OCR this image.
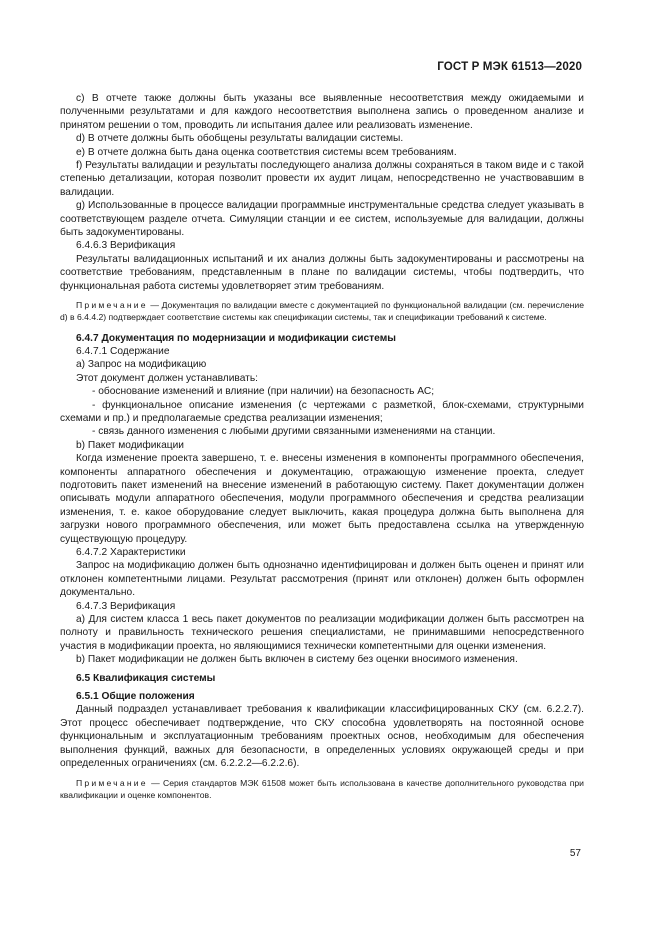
ГОСТ Р МЭК 61513—2020

c) В отчете также должны быть указаны все выявленные несоответствия между ожидаемыми и полученными результатами и для каждого несоответствия выполнена запись о проведенном анализе и принятом решении о том, проводить ли испытания далее или реализовать изменение.

d) В отчете должны быть обобщены результаты валидации системы.

e) В отчете должна быть дана оценка соответствия системы всем требованиям.

f) Результаты валидации и результаты последующего анализа должны сохраняться в таком виде и с такой степенью детализации, которая позволит провести их аудит лицам, непосредственно не участвовавшим в валидации.

g) Использованные в процессе валидации программные инструментальные средства следует указывать в соответствующем разделе отчета. Симуляции станции и ее систем, используемые для валидации, должны быть задокументированы.

6.4.6.3 Верификация

Результаты валидационных испытаний и их анализ должны быть задокументированы и рассмотрены на соответствие требованиям, представленным в плане по валидации системы, чтобы подтвердить, что функциональная работа системы удовлетворяет этим требованиям.

Примечание — Документация по валидации вместе с документацией по функциональной валидации (см. перечисление d) в 6.4.4.2) подтверждает соответствие системы как спецификации системы, так и спецификации требований к системе.

6.4.7 Документация по модернизации и модификации системы

6.4.7.1 Содержание

a) Запрос на модификацию

Этот документ должен устанавливать:

- обоснование изменений и влияние (при наличии) на безопасность АС;

- функциональное описание изменения (с чертежами с разметкой, блок-схемами, структурными схемами и пр.) и предполагаемые средства реализации изменения;

- связь данного изменения с любыми другими связанными изменениями на станции.

b) Пакет модификации

Когда изменение проекта завершено, т. е. внесены изменения в компоненты программного обеспечения, компоненты аппаратного обеспечения и документацию, отражающую изменение проекта, следует подготовить пакет изменений на внесение изменений в работающую систему. Пакет документации должен описывать модули аппаратного обеспечения, модули программного обеспечения и средства реализации изменения, т. е. какое оборудование следует выключить, какая процедура должна быть выполнена для загрузки нового программного обеспечения, или может быть предоставлена ссылка на утвержденную существующую процедуру.

6.4.7.2 Характеристики

Запрос на модификацию должен быть однозначно идентифицирован и должен быть оценен и принят или отклонен компетентными лицами. Результат рассмотрения (принят или отклонен) должен быть оформлен документально.

6.4.7.3 Верификация

a) Для систем класса 1 весь пакет документов по реализации модификации должен быть рассмотрен на полноту и правильность технического решения специалистами, не принимавшими непосредственного участия в модификации проекта, но являющимися технически компетентными для оценки изменения.

b) Пакет модификации не должен быть включен в систему без оценки вносимого изменения.

6.5 Квалификация системы

6.5.1 Общие положения

Данный подраздел устанавливает требования к квалификации классифицированных СКУ (см. 6.2.2.7). Этот процесс обеспечивает подтверждение, что СКУ способна удовлетворять на постоянной основе функциональным и эксплуатационным требованиям проектных основ, необходимым для обеспечения выполнения функций, важных для безопасности, в определенных условиях окружающей среды и при определенных ограничениях (см. 6.2.2.2—6.2.2.6).

Примечание — Серия стандартов МЭК 61508 может быть использована в качестве дополнительного руководства при квалификации и оценке компонентов.

57
